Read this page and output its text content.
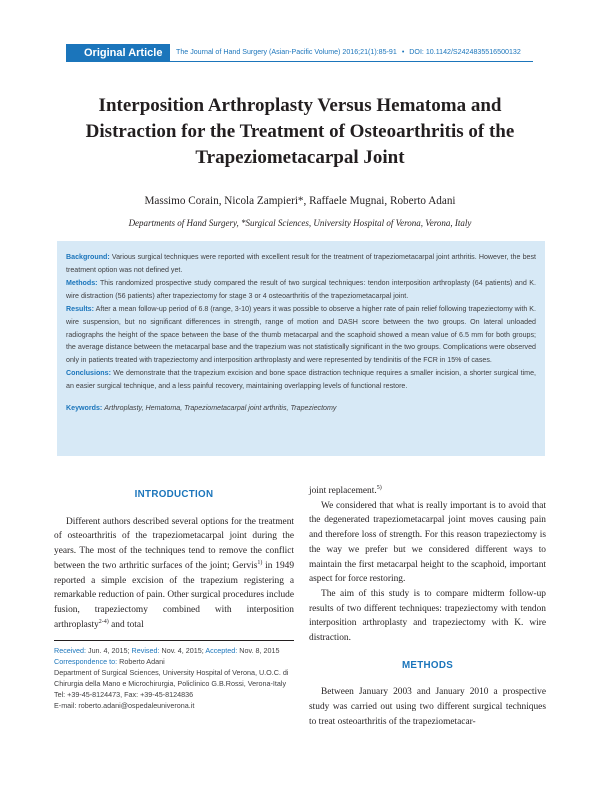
Original Article	The Journal of Hand Surgery (Asian-Pacific Volume) 2016;21(1):85-91 • DOI: 10.1142/S2424835516500132
Interposition Arthroplasty Versus Hematoma and
Distraction for the Treatment of Osteoarthritis of the
Trapeziometacarpal Joint
Massimo Corain, Nicola Zampieri*, Raffaele Mugnai, Roberto Adani
Departments of Hand Surgery, *Surgical Sciences, University Hospital of Verona, Verona, Italy

Background: Various surgical techniques were reported with excellent result for the treatment of trapeziometacarpal joint arthritis. However, the best treatment option was not defined yet.

Methods: This randomized prospective study compared the result of two surgical techniques: tendon interposition arthroplasty (64 patients) and K. wire distraction (56 patients) after trapeziectomy for stage 3 or 4 osteoarthritis of the trapeziometacarpal joint.

Results: After a mean follow-up period of 6.8 (range, 3-10) years it was possible to observe a higher rate of pain relief following trapeziectomy with K. wire suspension, but no significant differences in strength, range of motion and DASH score between the two groups. On lateral unloaded radiographs the height of the space between the base of the thumb metacarpal and the scaphoid showed a mean value of 6.5 mm for both groups; the average distance between the metacarpal base and the trapezium was not statistically significant in the two groups. Complications were observed only in patients treated with trapeziectomy and interposition arthroplasty and were represented by tendinitis of the FCR in 15% of cases.

Conclusions: We demonstrate that the trapezium excision and bone space distraction technique requires a smaller incision, a shorter surgical time, an easier surgical technique, and a less painful recovery, maintaining overlapping levels of functional restore.

Keywords: Arthroplasty, Hematoma, Trapeziometacarpal joint arthritis, Trapeziectomy

INTRODUCTION

Different authors described several options for the treatment of osteoarthritis of the trapeziometacarpal joint during the years. The most of the techniques tend to remove the conflict between the two arthritic surfaces of the joint; Gervis$^{1)}$ in 1949 reported a simple excision of the trapezium registering a remarkable reduction of pain. Other surgical procedures include fusion, trapeziectomy combined with interposition arthroplasty$^{2-4)}$ and total

Received: Jun. 4, 2015; Revised: Nov. 4, 2015; Accepted: Nov. 8, 2015
Correspondence to: Roberto Adani
Department of Surgical Sciences, University Hospital of Verona, U.O.C. di
Chirurgia della Mano e Microchirurgia, Policlinico G.B.Rossi, Verona-Italy
Tel: +39-45-8124473, Fax: +39-45-8124836
E-mail: roberto.adani@ospedaleuniverona.it

joint replacement.$^{5)}$

We considered that what is really important is to avoid that the degenerated trapeziometacarpal joint moves causing pain and therefore loss of strength. For this reason trapeziectomy is the way we prefer but we considered different ways to maintain the first metacarpal height to the scaphoid, important aspect for force restoring.

The aim of this study is to compare midterm follow-up results of two different techniques: trapeziectomy with tendon interposition arthroplasty and trapeziectomy with K. wire distraction.

METHODS

Between January 2003 and January 2010 a prospective study was carried out using two different surgical techniques to treat osteoarthritis of the trapeziometacar-
